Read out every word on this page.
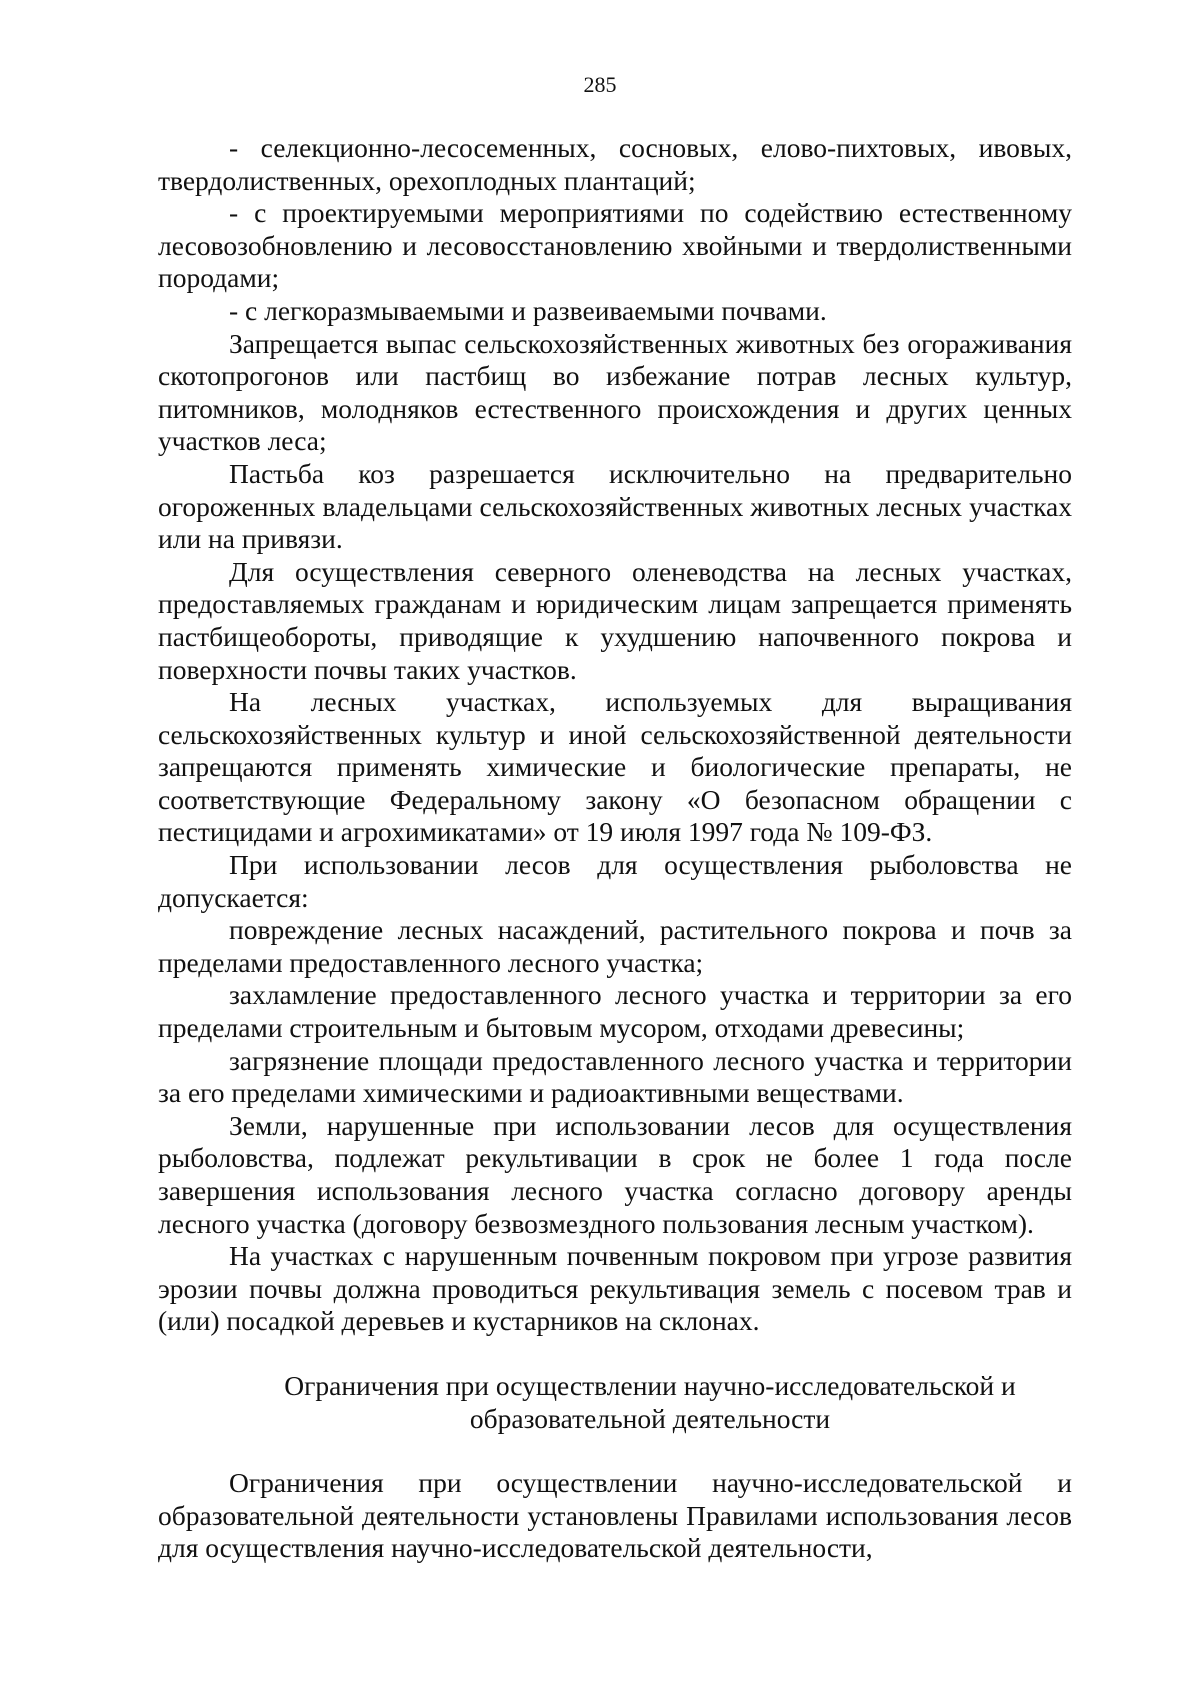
285

- селекционно-лесосеменных, сосновых, елово-пихтовых, ивовых, твердолиственных, орехоплодных плантаций;

- с проектируемыми мероприятиями по содействию естественному лесовозобновлению и лесовосстановлению хвойными и твердолиственными породами;

- с легкоразмываемыми и развеиваемыми почвами.

Запрещается выпас сельскохозяйственных животных без огораживания скотопрогонов или пастбищ во избежание потрав лесных культур, питомников, молодняков естественного происхождения и других ценных участков леса;

Пастьба коз разрешается исключительно на предварительно огороженных владельцами сельскохозяйственных животных лесных участках или на привязи.

Для осуществления северного оленеводства на лесных участках, предоставляемых гражданам и юридическим лицам запрещается применять пастбищеобороты, приводящие к ухудшению напочвенного покрова и поверхности почвы таких участков.

На лесных участках, используемых для выращивания сельскохозяйственных культур и иной сельскохозяйственной деятельности запрещаются применять химические и биологические препараты, не соответствующие Федеральному закону «О безопасном обращении с пестицидами и агрохимикатами» от 19 июля 1997 года № 109-ФЗ.

При использовании лесов для осуществления рыболовства не допускается:

повреждение лесных насаждений, растительного покрова и почв за пределами предоставленного лесного участка;

захламление предоставленного лесного участка и территории за его пределами строительным и бытовым мусором, отходами древесины;

загрязнение площади предоставленного лесного участка и территории за его пределами химическими и радиоактивными веществами.

Земли, нарушенные при использовании лесов для осуществления рыболовства, подлежат рекультивации в срок не более 1 года после завершения использования лесного участка согласно договору аренды лесного участка (договору безвозмездного пользования лесным участком).

На участках с нарушенным почвенным покровом при угрозе развития эрозии почвы должна проводиться рекультивация земель с посевом трав и (или) посадкой деревьев и кустарников на склонах.

Ограничения при осуществлении научно-исследовательской и образовательной деятельности

Ограничения при осуществлении научно-исследовательской и образовательной деятельности установлены Правилами использования лесов для осуществления научно-исследовательской деятельности,
